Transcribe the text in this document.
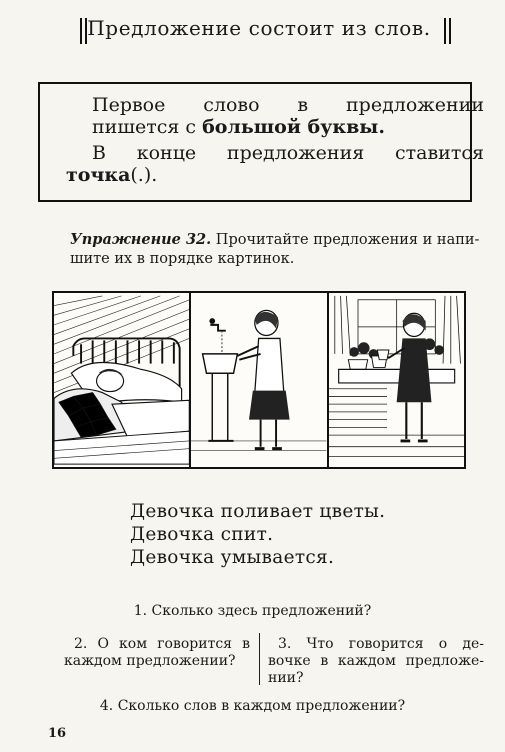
Предложение состоит из слов.
Первое слово в предложении
пишется с большой буквы.
В конце предложения ставится
точка(.).
Упражнение 32. Прочитайте предложения и напи-
шите их в порядке картинок.
Девочка поливает цветы.
Девочка спит.
Девочка умывается.
1. Сколько здесь предложений?
2. О ком говорится в
каждом предложении?
3. Что говорится о де-
вочке в каждом предложе-
нии?
4. Сколько слов в каждом предложении?
16
